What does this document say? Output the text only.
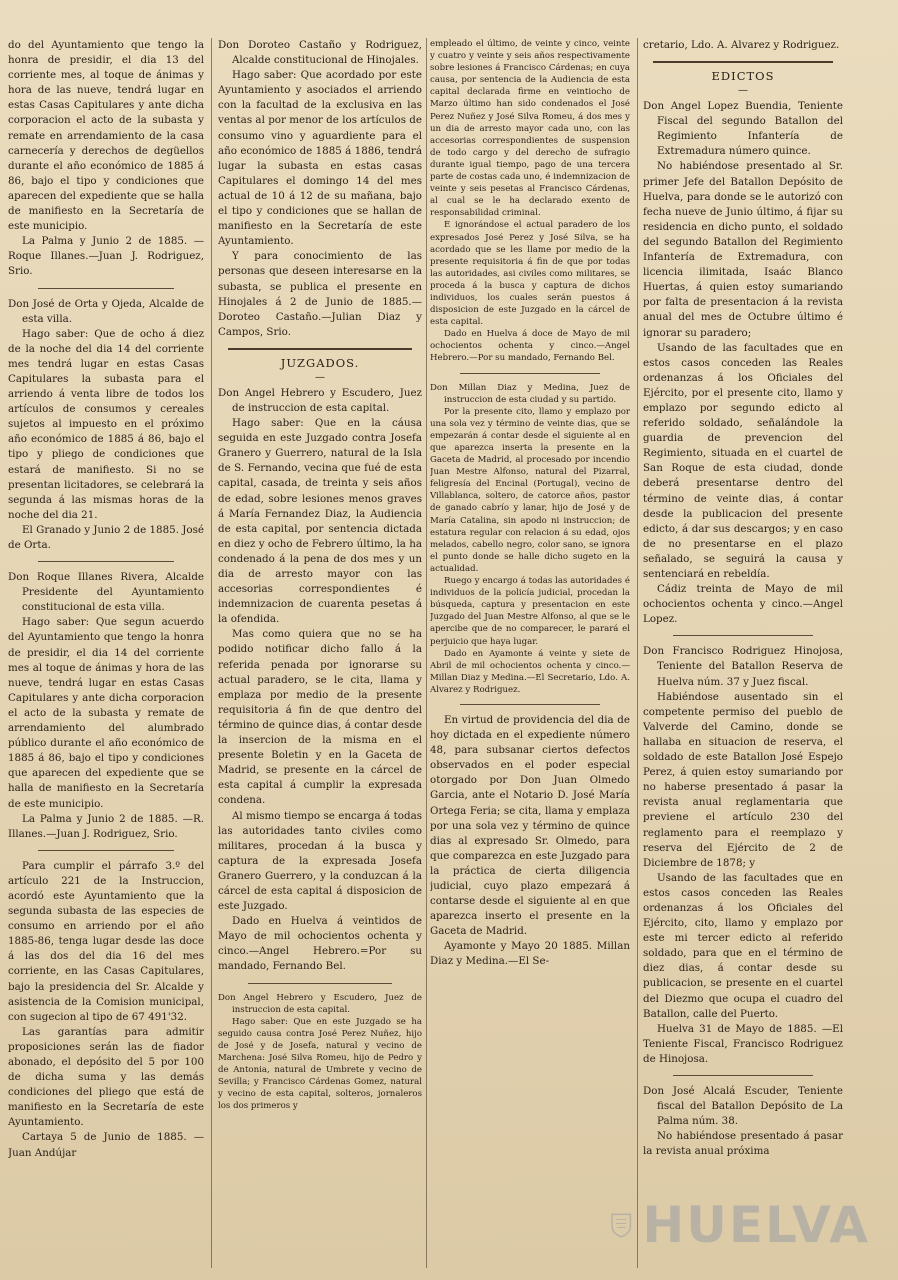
do del Ayuntamiento que tengo la honra de presidir, el dia 13 del corriente mes, al toque de ánimas y hora de las nueve, tendrá lugar en estas Casas Capitulares y ante dicha corporacion el acto de la subasta y remate en arrendamiento de la casa carnecería y derechos de degüellos durante el año económico de 1885 á 86, bajo el tipo y condiciones que aparecen del expediente que se halla de manifiesto en la Secretaría de este municipio.

La Palma y Junio 2 de 1885. —Roque Illanes.—Juan J. Rodriguez, Srio.

Don José de Orta y Ojeda, Alcalde de esta villa.

Hago saber: Que de ocho á diez de la noche del dia 14 del corriente mes tendrá lugar en estas Casas Capitulares la subasta para el arriendo á venta libre de todos los artículos de consumos y cereales sujetos al impuesto en el próximo año económico de 1885 á 86, bajo el tipo y pliego de condiciones que estará de manifiesto. Si no se presentan licitadores, se celebrará la segunda á las mismas horas de la noche del dia 21.

El Granado y Junio 2 de 1885. José de Orta.

Don Roque Illanes Rivera, Alcalde Presidente del Ayuntamiento constitucional de esta villa.

Hago saber: Que segun acuerdo del Ayuntamiento que tengo la honra de presidir, el dia 14 del corriente mes al toque de ánimas y hora de las nueve, tendrá lugar en estas Casas Capitulares y ante dicha corporacion el acto de la subasta y remate de arrendamiento del alumbrado público durante el año económico de 1885 á 86, bajo el tipo y condiciones que aparecen del expediente que se halla de manifiesto en la Secretaría de este municipio.

La Palma y Junio 2 de 1885. —R. Illanes.—Juan J. Rodriguez, Srio.

Para cumplir el párrafo 3.º del artículo 221 de la Instruccion, acordó este Ayuntamiento que la segunda subasta de las especies de consumo en arriendo por el año 1885-86, tenga lugar desde las doce á las dos del dia 16 del mes corriente, en las Casas Capitulares, bajo la presidencia del Sr. Alcalde y asistencia de la Comision municipal, con sugecion al tipo de 67 491'32.

Las garantías para admitir proposiciones serán las de fiador abonado, el depósito del 5 por 100 de dicha suma y las demás condiciones del pliego que está de manifiesto en la Secretaría de este Ayuntamiento.

Cartaya 5 de Junio de 1885. —Juan Andújar

Don Doroteo Castaño y Rodriguez, Alcalde constitucional de Hinojales.

Hago saber: Que acordado por este Ayuntamiento y asociados el arriendo con la facultad de la exclusiva en las ventas al por menor de los artículos de consumo vino y aguardiente para el año económico de 1885 á 1886, tendrá lugar la subasta en estas casas Capitulares el domingo 14 del mes actual de 10 á 12 de su mañana, bajo el tipo y condiciones que se hallan de manifiesto en la Secretaría de este Ayuntamiento.

Y para conocimiento de las personas que deseen interesarse en la subasta, se publica el presente en Hinojales á 2 de Junio de 1885.—Doroteo Castaño.—Julian Diaz y Campos, Srio.

JUZGADOS.
—

Don Angel Hebrero y Escudero, Juez de instruccion de esta capital.

Hago saber: Que en la cáusa seguida en este Juzgado contra Josefa Granero y Guerrero, natural de la Isla de S. Fernando, vecina que fué de esta capital, casada, de treinta y seis años de edad, sobre lesiones menos graves á María Fernandez Diaz, la Audiencia de esta capital, por sentencia dictada en diez y ocho de Febrero último, la ha condenado á la pena de dos mes y un dia de arresto mayor con las accesorias correspondientes é indemnizacion de cuarenta pesetas á la ofendida.

Mas como quiera que no se ha podido notificar dicho fallo á la referida penada por ignorarse su actual paradero, se le cita, llama y emplaza por medio de la presente requisitoria á fin de que dentro del término de quince dias, á contar desde la insercion de la misma en el presente Boletin y en la Gaceta de Madrid, se presente en la cárcel de esta capital á cumplir la expresada condena.

Al mismo tiempo se encarga á todas las autoridades tanto civiles como militares, procedan á la busca y captura de la expresada Josefa Granero Guerrero, y la conduzcan á la cárcel de esta capital á disposicion de este Juzgado.

Dado en Huelva á veintidos de Mayo de mil ochocientos ochenta y cinco.—Angel Hebrero.=Por su mandado, Fernando Bel.

Don Angel Hebrero y Escudero, Juez de instruccion de esta capital.

Hago saber: Que en este Juzgado se ha seguido causa contra José Perez Nuñez, hijo de José y de Josefa, natural y vecino de Marchena: José Silva Romeu, hijo de Pedro y de Antonia, natural de Umbrete y vecino de Sevilla; y Francisco Cárdenas Gomez, natural y vecino de esta capital, solteros, jornaleros los dos primeros y

empleado el último, de veinte y cinco, veinte y cuatro y veinte y seis años respectivamente sobre lesiones á Francisco Cárdenas; en cuya causa, por sentencia de la Audiencia de esta capital declarada firme en veintiocho de Marzo último han sido condenados el José Perez Nuñez y José Silva Romeu, á dos mes y un dia de arresto mayor cada uno, con las accesorias correspondientes de suspension de todo cargo y del derecho de sufragio durante igual tiempo, pago de una tercera parte de costas cada uno, é indemnizacion de veinte y seis pesetas al Francisco Cárdenas, al cual se le ha declarado exento de responsabilidad criminal.

E ignorándose el actual paradero de los expresados José Perez y José Silva, se ha acordado que se les llame por medio de la presente requisitoria á fin de que por todas las autoridades, asi civiles como militares, se proceda á la busca y captura de dichos individuos, los cuales serán puestos á disposicion de este Juzgado en la cárcel de esta capital.

Dado en Huelva á doce de Mayo de mil ochocientos ochenta y cinco.—Angel Hebrero.—Por su mandado, Fernando Bel.

Don Millan Diaz y Medina, Juez de instruccion de esta ciudad y su partido.

Por la presente cito, llamo y emplazo por una sola vez y término de veinte dias, que se empezarán á contar desde el siguiente al en que aparezca inserta la presente en la Gaceta de Madrid, al procesado por incendio Juan Mestre Alfonso, natural del Pizarral, feligresía del Encinal (Portugal), vecino de Villablanca, soltero, de catorce años, pastor de ganado cabrío y lanar, hijo de José y de María Catalina, sin apodo ni instruccion; de estatura regular con relacion á su edad, ojos melados, cabello negro, color sano, se ignora el punto donde se halle dicho sugeto en la actualidad.

Ruego y encargo á todas las autoridades é individuos de la policía judicial, procedan la búsqueda, captura y presentacion en este Juzgado del Juan Mestre Alfonso, al que se le apercibe que de no comparecer, le parará el perjuicio que haya lugar.

Dado en Ayamonte á veinte y siete de Abril de mil ochocientos ochenta y cinco.—Millan Diaz y Medina.—El Secretario, Ldo. A. Alvarez y Rodriguez.

En virtud de providencia del dia de hoy dictada en el expediente número 48, para subsanar ciertos defectos observados en el poder especial otorgado por Don Juan Olmedo Garcia, ante el Notario D. José María Ortega Feria; se cita, llama y emplaza por una sola vez y término de quince dias al expresado Sr. Olmedo, para que comparezca en este Juzgado para la práctica de cierta diligencia judicial, cuyo plazo empezará á contarse desde el siguiente al en que aparezca inserto el presente en la Gaceta de Madrid.

Ayamonte y Mayo 20 1885. Millan Diaz y Medina.—El Se-

cretario, Ldo. A. Alvarez y Rodriguez.

EDICTOS
—

Don Angel Lopez Buendia, Teniente Fiscal del segundo Batallon del Regimiento Infantería de Extremadura número quince.

No habiéndose presentado al Sr. primer Jefe del Batallon Depósito de Huelva, para donde se le autorizó con fecha nueve de Junio último, á fijar su residencia en dicho punto, el soldado del segundo Batallon del Regimiento Infantería de Extremadura, con licencia ilimitada, Isaác Blanco Huertas, á quien estoy sumariando por falta de presentacion á la revista anual del mes de Octubre último é ignorar su paradero;

Usando de las facultades que en estos casos conceden las Reales ordenanzas á los Oficiales del Ejército, por el presente cito, llamo y emplazo por segundo edicto al referido soldado, señalándole la guardia de prevencion del Regimiento, situada en el cuartel de San Roque de esta ciudad, donde deberá presentarse dentro del término de veinte dias, á contar desde la publicacion del presente edicto, á dar sus descargos; y en caso de no presentarse en el plazo señalado, se seguirá la causa y sentenciará en rebeldía.

Cádiz treinta de Mayo de mil ochocientos ochenta y cinco.—Angel Lopez.

Don Francisco Rodriguez Hinojosa, Teniente del Batallon Reserva de Huelva núm. 37 y Juez fiscal.

Habiéndose ausentado sin el competente permiso del pueblo de Valverde del Camino, donde se hallaba en situacion de reserva, el soldado de este Batallon José Espejo Perez, á quien estoy sumariando por no haberse presentado á pasar la revista anual reglamentaria que previene el artículo 230 del reglamento para el reemplazo y reserva del Ejército de 2 de Diciembre de 1878; y

Usando de las facultades que en estos casos conceden las Reales ordenanzas á los Oficiales del Ejército, cito, llamo y emplazo por este mi tercer edicto al referido soldado, para que en el término de diez dias, á contar desde su publicacion, se presente en el cuartel del Diezmo que ocupa el cuadro del Batallon, calle del Puerto.

Huelva 31 de Mayo de 1885. —El Teniente Fiscal, Francisco Rodriguez de Hinojosa.

Don José Alcalá Escuder, Teniente fiscal del Batallon Depósito de La Palma núm. 38.

No habiéndose presentado á pasar la revista anual próxima

HUELVA
